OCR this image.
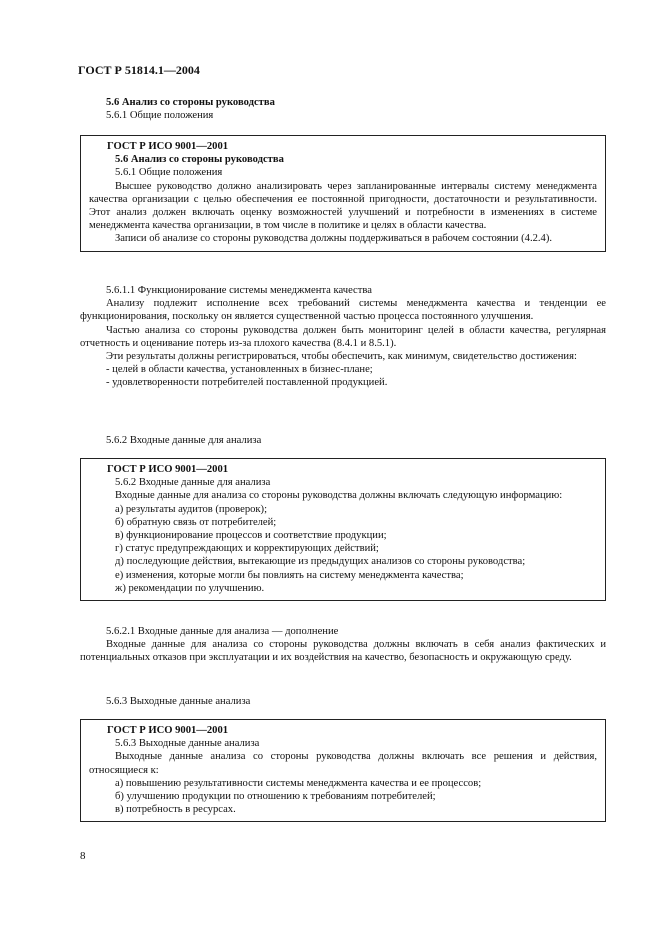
ГОСТ Р 51814.1—2004

5.6 Анализ со стороны руководства

5.6.1 Общие положения

ГОСТ Р ИСО 9001—2001

5.6 Анализ со стороны руководства

5.6.1 Общие положения

Высшее руководство должно анализировать через запланированные интервалы систему менеджмента качества организации с целью обеспечения ее постоянной пригодности, достаточности и результативности. Этот анализ должен включать оценку возможностей улучшений и потребности в изменениях в системе менеджмента качества организации, в том числе в политике и целях в области качества.

Записи об анализе со стороны руководства должны поддерживаться в рабочем состоянии (4.2.4).

5.6.1.1 Функционирование системы менеджмента качества

Анализу подлежит исполнение всех требований системы менеджмента качества и тенденции ее функционирования, поскольку он является существенной частью процесса постоянного улучшения.

Частью анализа со стороны руководства должен быть мониторинг целей в области качества, регулярная отчетность и оценивание потерь из-за плохого качества (8.4.1 и 8.5.1).

Эти результаты должны регистрироваться, чтобы обеспечить, как минимум, свидетельство достижения:

- целей в области качества, установленных в бизнес-плане;

- удовлетворенности потребителей поставленной продукцией.

5.6.2 Входные данные для анализа

ГОСТ Р ИСО 9001—2001

5.6.2 Входные данные для анализа

Входные данные для анализа со стороны руководства должны включать следующую информацию:

а) результаты аудитов (проверок);

б) обратную связь от потребителей;

в) функционирование процессов и соответствие продукции;

г) статус предупреждающих и корректирующих действий;

д) последующие действия, вытекающие из предыдущих анализов со стороны руководства;

е) изменения, которые могли бы повлиять на систему менеджмента качества;

ж) рекомендации по улучшению.

5.6.2.1 Входные данные для анализа — дополнение

Входные данные для анализа со стороны руководства должны включать в себя анализ фактических и потенциальных отказов при эксплуатации и их воздействия на качество, безопасность и окружающую среду.

5.6.3 Выходные данные анализа

ГОСТ Р ИСО 9001—2001

5.6.3 Выходные данные анализа

Выходные данные анализа со стороны руководства должны включать все решения и действия, относящиеся к:

а) повышению результативности системы менеджмента качества и ее процессов;

б) улучшению продукции по отношению к требованиям потребителей;

в) потребность в ресурсах.

8
